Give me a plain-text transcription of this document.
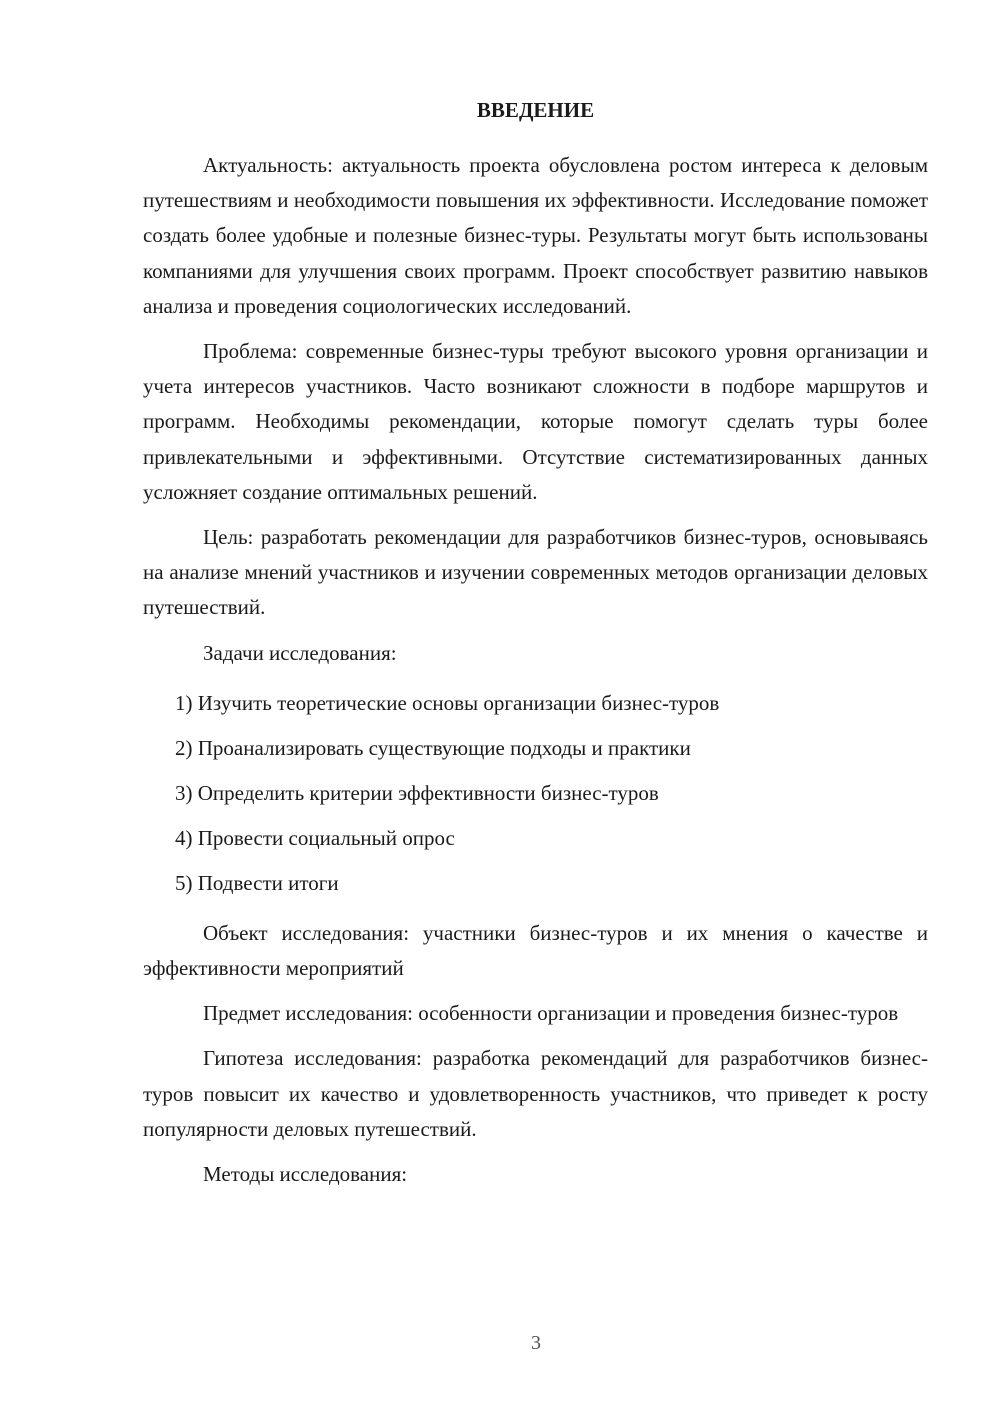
ВВЕДЕНИЕ

Актуальность: актуальность проекта обусловлена ростом интереса к деловым путешествиям и необходимости повышения их эффективности. Исследование поможет создать более удобные и полезные бизнес-туры. Результаты могут быть использованы компаниями для улучшения своих программ. Проект способствует развитию навыков анализа и проведения социологических исследований.

Проблема: современные бизнес-туры требуют высокого уровня организации и учета интересов участников. Часто возникают сложности в подборе маршрутов и программ. Необходимы рекомендации, которые помогут сделать туры более привлекательными и эффективными. Отсутствие систематизированных данных усложняет создание оптимальных решений.

Цель: разработать рекомендации для разработчиков бизнес-туров, основываясь на анализе мнений участников и изучении современных методов организации деловых путешествий.

Задачи исследования:

1) Изучить теоретические основы организации бизнес-туров
2) Проанализировать существующие подходы и практики
3) Определить критерии эффективности бизнес-туров
4) Провести социальный опрос
5) Подвести итоги

Объект исследования: участники бизнес-туров и их мнения о качестве и эффективности мероприятий

Предмет исследования: особенности организации и проведения бизнес-туров

Гипотеза исследования: разработка рекомендаций для разработчиков бизнес-туров повысит их качество и удовлетворенность участников, что приведет к росту популярности деловых путешествий.

Методы исследования:

3
